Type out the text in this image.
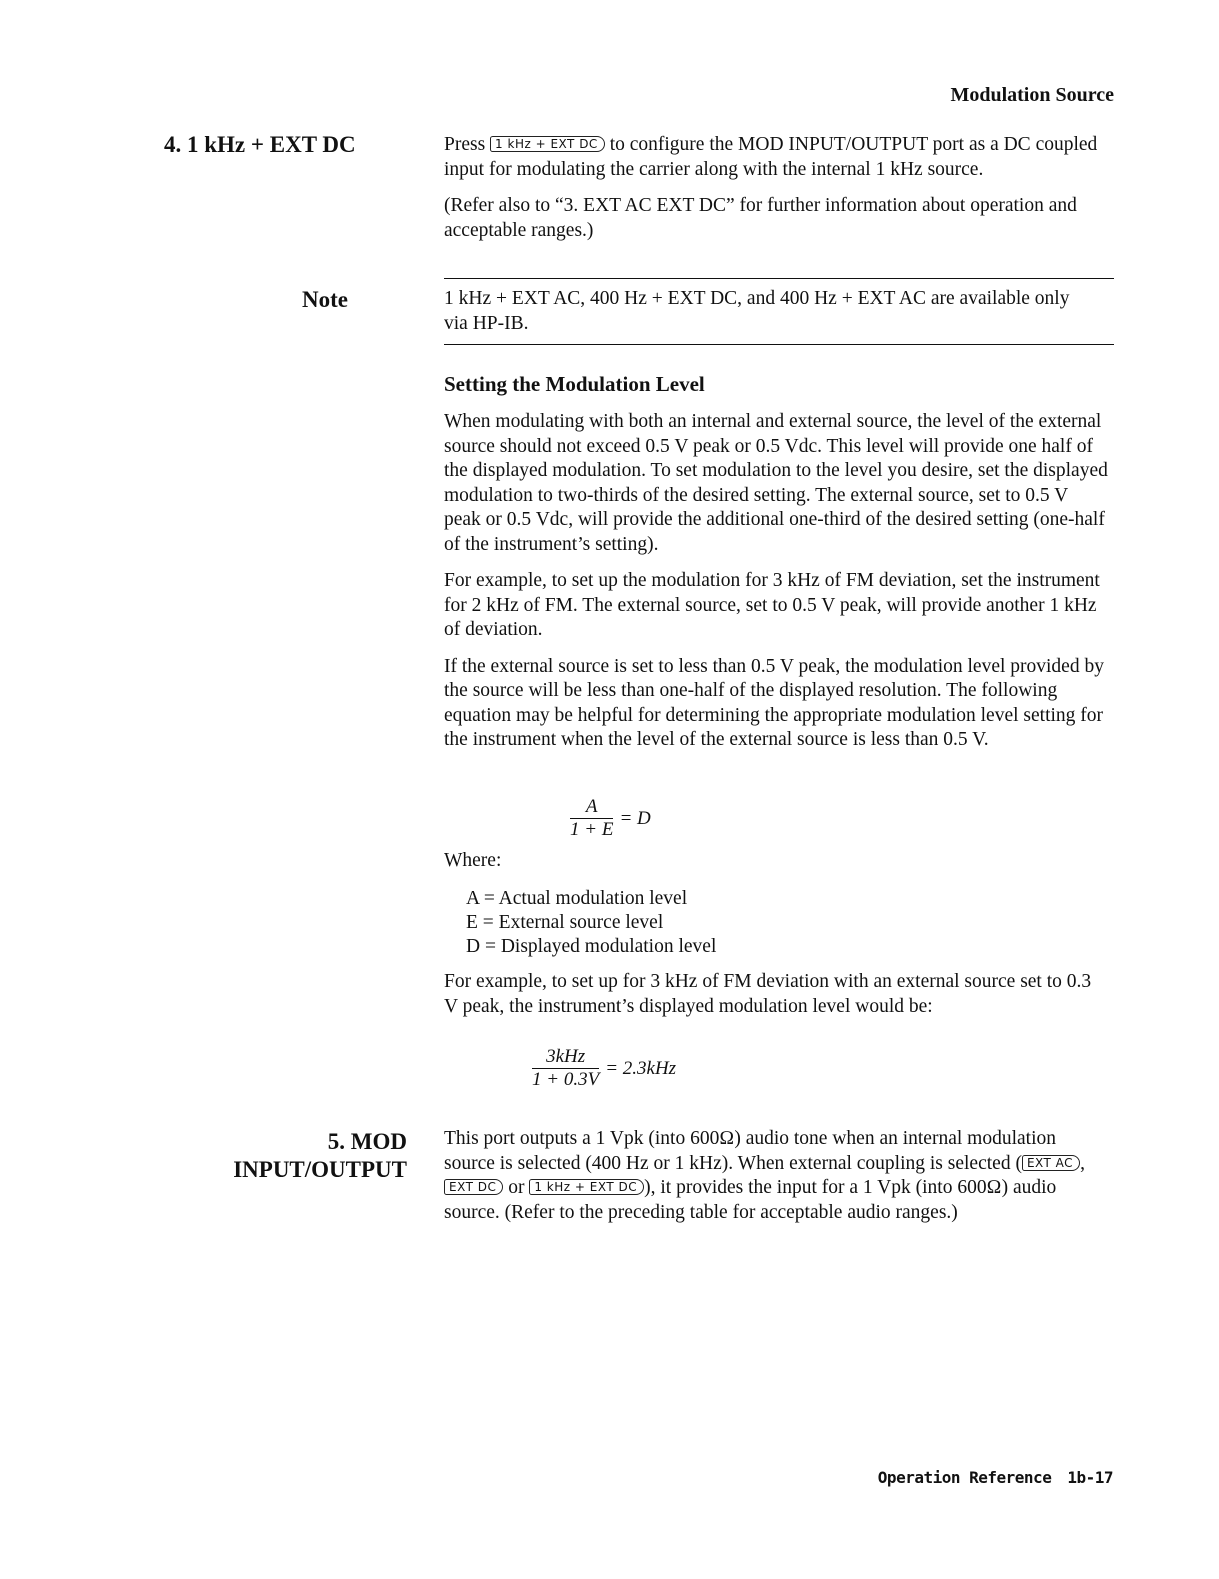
Modulation Source
4. 1 kHz + EXT DC	Press 1 kHz + EXT DC to configure the MOD INPUT/OUTPUT port as a DC coupled input for modulating the carrier along with the internal 1 kHz source.

(Refer also to “3. EXT AC EXT DC” for further information about operation and acceptable ranges.)

Note	1 kHz + EXT AC, 400 Hz + EXT DC, and 400 Hz + EXT AC are available only via HP-IB.
Setting the Modulation Level

When modulating with both an internal and external source, the level of the external source should not exceed 0.5 V peak or 0.5 Vdc. This level will provide one half of the displayed modulation. To set modulation to the level you desire, set the displayed modulation to two-thirds of the desired setting. The external source, set to 0.5 V peak or 0.5 Vdc, will provide the additional one-third of the desired setting (one-half of the instrument’s setting).

For example, to set up the modulation for 3 kHz of FM deviation, set the instrument for 2 kHz of FM. The external source, set to 0.5 V peak, will provide another 1 kHz of deviation.

If the external source is set to less than 0.5 V peak, the modulation level provided by the source will be less than one-half of the displayed resolution. The following equation may be helpful for determining the appropriate modulation level setting for the instrument when the level of the external source is less than 0.5 V.

$\frac{A}{1 + E} = D$
Where:
A = Actual modulation level
E = External source level
D = Displayed modulation level
For example, to set up for 3 kHz of FM deviation with an external source set to 0.3 V peak, the instrument’s displayed modulation level would be:
$\frac{\text{3kHz}}{1 + 0.3V} = 2.3kHz$
5. MOD
INPUT/OUTPUT

This port outputs a 1 Vpk (into 600Ω) audio tone when an internal modulation source is selected (400 Hz or 1 kHz). When external coupling is selected ( EXT AC , EXT DC or 1 kHz + EXT DC ), it provides the input for a 1 Vpk (into 600Ω) audio source. (Refer to the preceding table for acceptable audio ranges.)

Operation Reference 1b-17
